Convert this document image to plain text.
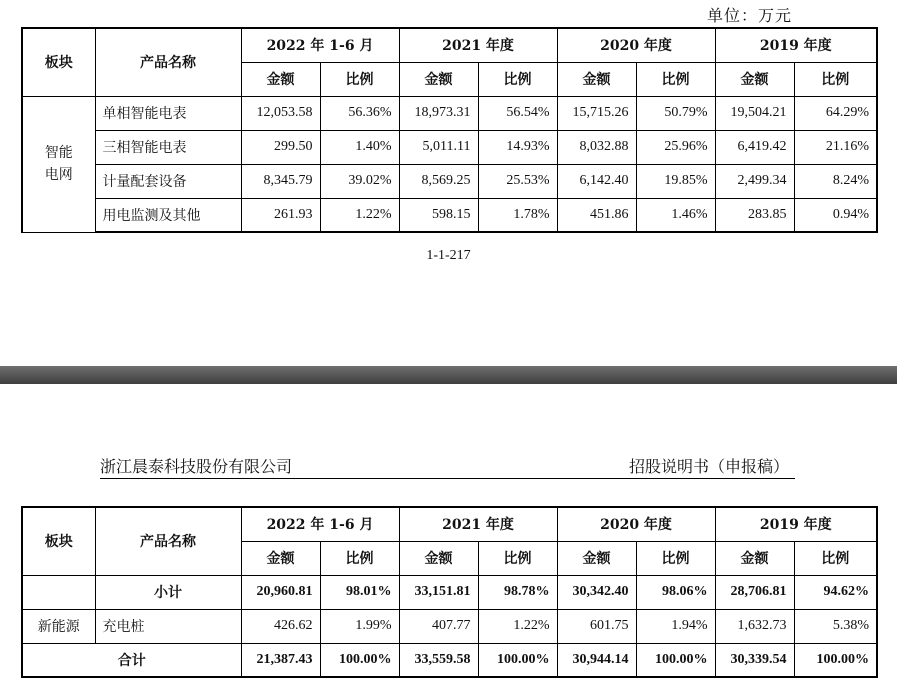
单位：万元
板块	产品名称	2022 年 1-6 月		2021 年度		2020 年度		2019 年度	
		金额	比例	金额	比例	金额	比例	金额	比例

智能
电网	单相智能电表	12,053.58	56.36%	18,973.31	56.54%	15,715.26	50.79%	19,504.21	64.29%
	三相智能电表	299.50	1.40%	5,011.11	14.93%	8,032.88	25.96%	6,419.42	21.16%
	计量配套设备	8,345.79	39.02%	8,569.25	25.53%	6,142.40	19.85%	2,499.34	8.24%
	用电监测及其他	261.93	1.22%	598.15	1.78%	451.86	1.46%	283.85	0.94%
1-1-217
浙江晨泰科技股份有限公司	招股说明书（申报稿）
板块	产品名称	2022 年 1-6 月		2021 年度		2020 年度		2019 年度	
		金额	比例	金额	比例	金额	比例	金额	比例
	小计	20,960.81	98.01%	33,151.81	98.78%	30,342.40	98.06%	28,706.81	94.62%
新能源	充电桩	426.62	1.99%	407.77	1.22%	601.75	1.94%	1,632.73	5.38%
合计		21,387.43	100.00%	33,559.58	100.00%	30,944.14	100.00%	30,339.54	100.00%
